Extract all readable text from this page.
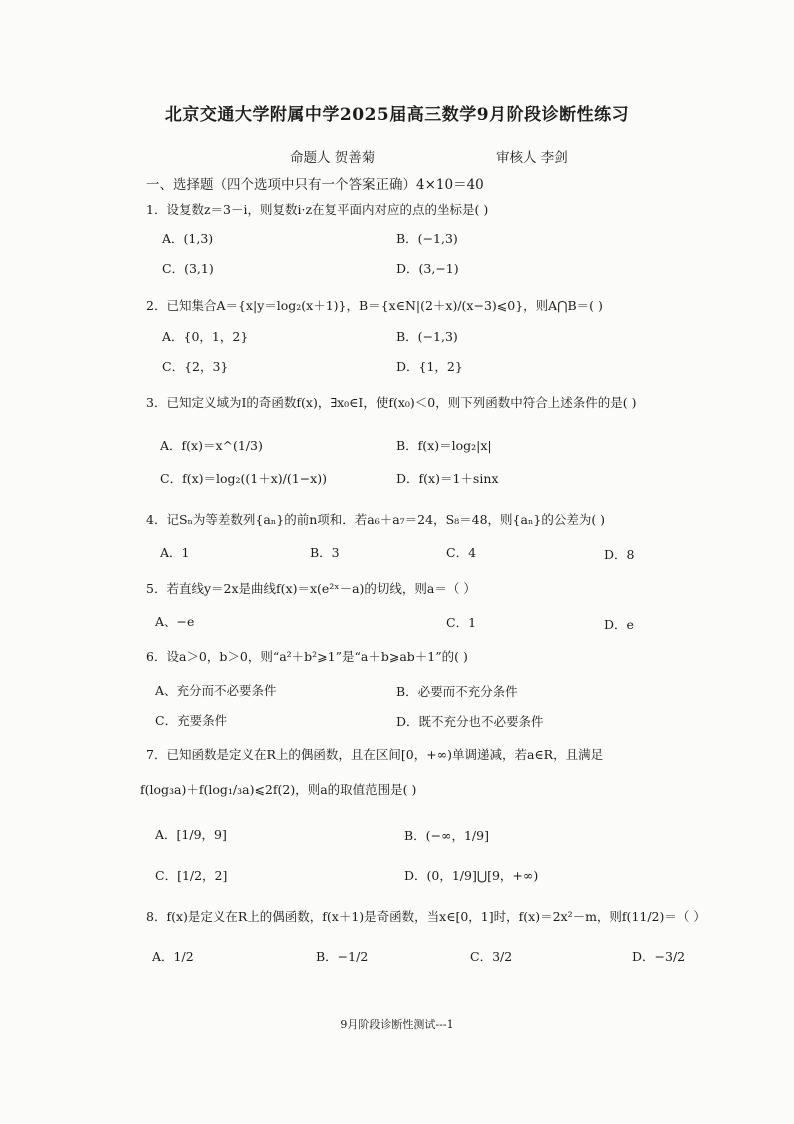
北京交通大学附属中学2025届高三数学9月阶段诊断性练习
命题人 贺善菊	审核人 李剑
一、选择题（四个选项中只有一个答案正确）4×10＝40
1．设复数z＝3－i，则复数i·z在复平面内对应的点的坐标是( )
A．(1,3)	B．(−1,3)
C．(3,1)	D．(3,−1)
2．已知集合A＝{x|y＝log₂(x＋1)}，B＝{x∈N|(2＋x)/(x−3)⩽0}，则A⋂B＝( )
A．{0，1，2}	B．(−1,3)
C．{2，3}	D．{1，2}
3．已知定义域为I的奇函数f(x)，∃x₀∈I，使f(x₀)＜0，则下列函数中符合上述条件的是( )
A．f(x)＝x^(1/3)	B．f(x)＝log₂|x|
C．f(x)＝log₂((1＋x)/(1−x))	D．f(x)＝1＋sinx
4．记Sₙ为等差数列{aₙ}的前n项和．若a₆＋a₇＝24，S₈＝48，则{aₙ}的公差为( )
A．1	B．3	C．4	D．8
5．若直线y＝2x是曲线f(x)＝x(e²ˣ－a)的切线，则a＝（ ）
A、−e	C．1	D．e
6．设a＞0，b＞0，则“a²＋b²⩾1”是“a＋b⩾ab＋1”的( )
A、充分而不必要条件	B．必要而不充分条件
C．充要条件	D．既不充分也不必要条件
7．已知函数是定义在R上的偶函数，且在区间[0，+∞)单调递减，若a∈R，且满足
f(log₃a)＋f(log₁/₃a)⩽2f(2)，则a的取值范围是( )
A．[1/9，9]	B．(−∞，1/9]
C．[1/2，2]	D．(0，1/9]⋃[9，+∞)
8．f(x)是定义在R上的偶函数，f(x＋1)是奇函数，当x∈[0，1]时，f(x)＝2x²－m，则f(11/2)＝（ ）
A．1/2	B．−1/2	C．3/2	D．−3/2
9月阶段诊断性测试---1
